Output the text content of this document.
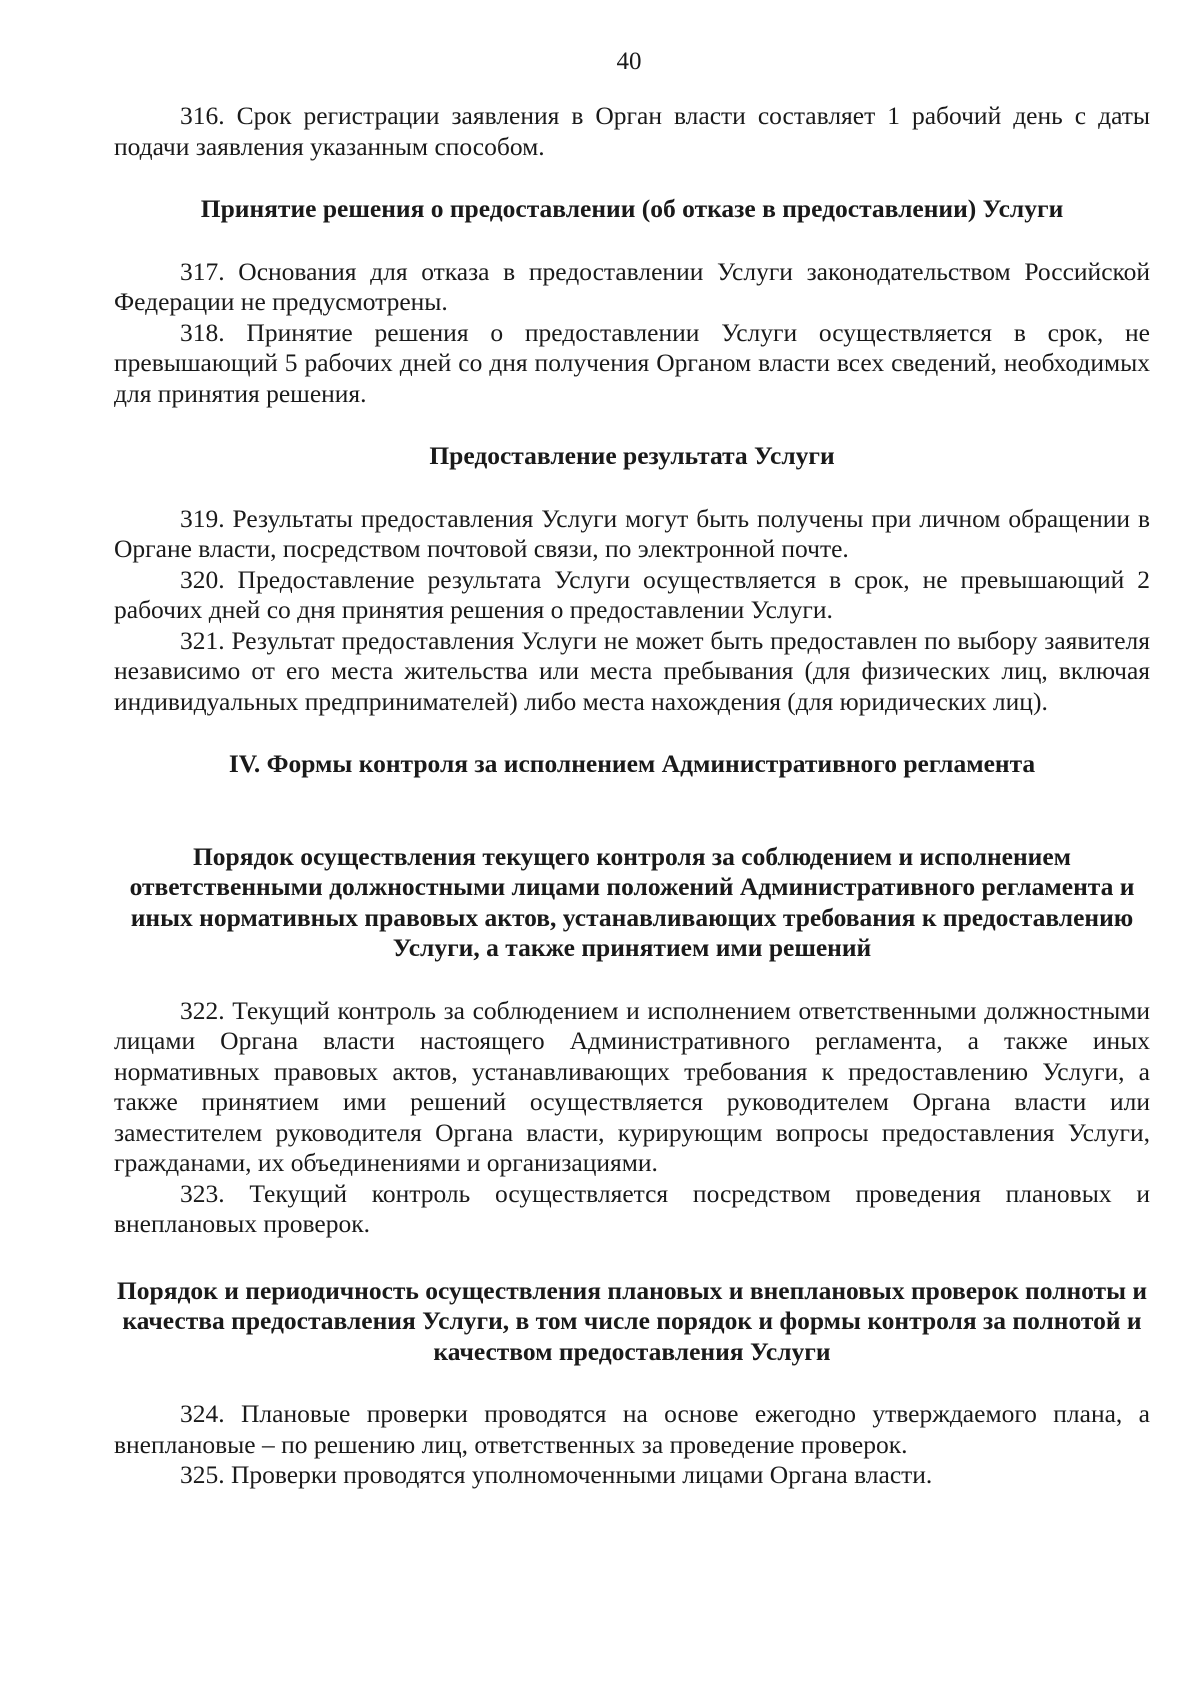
40

316. Срок регистрации заявления в Орган власти составляет 1 рабочий день с даты подачи заявления указанным способом.

Принятие решения о предоставлении (об отказе в предоставлении) Услуги

317. Основания для отказа в предоставлении Услуги законодательством Российской Федерации не предусмотрены.

318. Принятие решения о предоставлении Услуги осуществляется в срок, не превышающий 5 рабочих дней со дня получения Органом власти всех сведений, необходимых для принятия решения.

Предоставление результата Услуги

319. Результаты предоставления Услуги могут быть получены при личном обращении в Органе власти, посредством почтовой связи, по электронной почте.

320. Предоставление результата Услуги осуществляется в срок, не превышающий 2 рабочих дней со дня принятия решения о предоставлении Услуги.

321. Результат предоставления Услуги не может быть предоставлен по выбору заявителя независимо от его места жительства или места пребывания (для физических лиц, включая индивидуальных предпринимателей) либо места нахождения (для юридических лиц).

IV. Формы контроля за исполнением Административного регламента
Порядок осуществления текущего контроля за соблюдением и исполнением ответственными должностными лицами положений Административного регламента и иных нормативных правовых актов, устанавливающих требования к предоставлению Услуги, а также принятием ими решений

322. Текущий контроль за соблюдением и исполнением ответственными должностными лицами Органа власти настоящего Административного регламента, а также иных нормативных правовых актов, устанавливающих требования к предоставлению Услуги, а также принятием ими решений осуществляется руководителем Органа власти или заместителем руководителя Органа власти, курирующим вопросы предоставления Услуги, гражданами, их объединениями и организациями.

323. Текущий контроль осуществляется посредством проведения плановых и внеплановых проверок.

Порядок и периодичность осуществления плановых и внеплановых проверок полноты и качества предоставления Услуги, в том числе порядок и формы контроля за полнотой и качеством предоставления Услуги

324. Плановые проверки проводятся на основе ежегодно утверждаемого плана, а внеплановые – по решению лиц, ответственных за проведение проверок.

325. Проверки проводятся уполномоченными лицами Органа власти.
